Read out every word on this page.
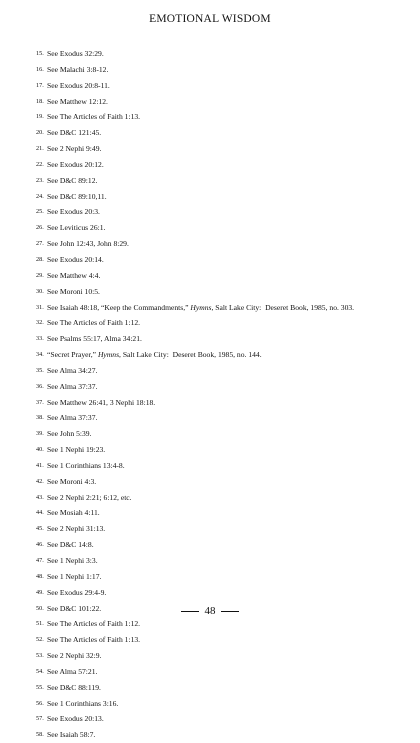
EMOTIONAL WISDOM
15. See Exodus 32:29.
16. See Malachi 3:8-12.
17. See Exodus 20:8-11.
18. See Matthew 12:12.
19. See The Articles of Faith 1:13.
20. See D&C 121:45.
21. See 2 Nephi 9:49.
22. See Exodus 20:12.
23. See D&C 89:12.
24. See D&C 89:10,11.
25. See Exodus 20:3.
26. See Leviticus 26:1.
27. See John 12:43, John 8:29.
28. See Exodus 20:14.
29. See Matthew 4:4.
30. See Moroni 10:5.
31. See Isaiah 48:18, “Keep the Commandments,” Hymns, Salt Lake City:  Deseret Book, 1985, no. 303.
32. See The Articles of Faith 1:12.
33. See Psalms 55:17, Alma 34:21.
34. “Secret Prayer,” Hymns, Salt Lake City:  Deseret Book, 1985, no. 144.
35. See Alma 34:27.
36. See Alma 37:37.
37. See Matthew 26:41, 3 Nephi 18:18.
38. See Alma 37:37.
39. See John 5:39.
40. See 1 Nephi 19:23.
41. See 1 Corinthians 13:4-8.
42. See Moroni 4:3.
43. See 2 Nephi 2:21; 6:12, etc.
44. See Mosiah 4:11.
45. See 2 Nephi 31:13.
46. See D&C 14:8.
47. See 1 Nephi 3:3.
48. See 1 Nephi 1:17.
49. See Exodus 29:4-9.
50. See D&C 101:22.
51. See The Articles of Faith 1:12.
52. See The Articles of Faith 1:13.
53. See 2 Nephi 32:9.
54. See Alma 57:21.
55. See D&C 88:119.
56. See 1 Corinthians 3:16.
57. See Exodus 20:13.
58. See Isaiah 58:7.
48
